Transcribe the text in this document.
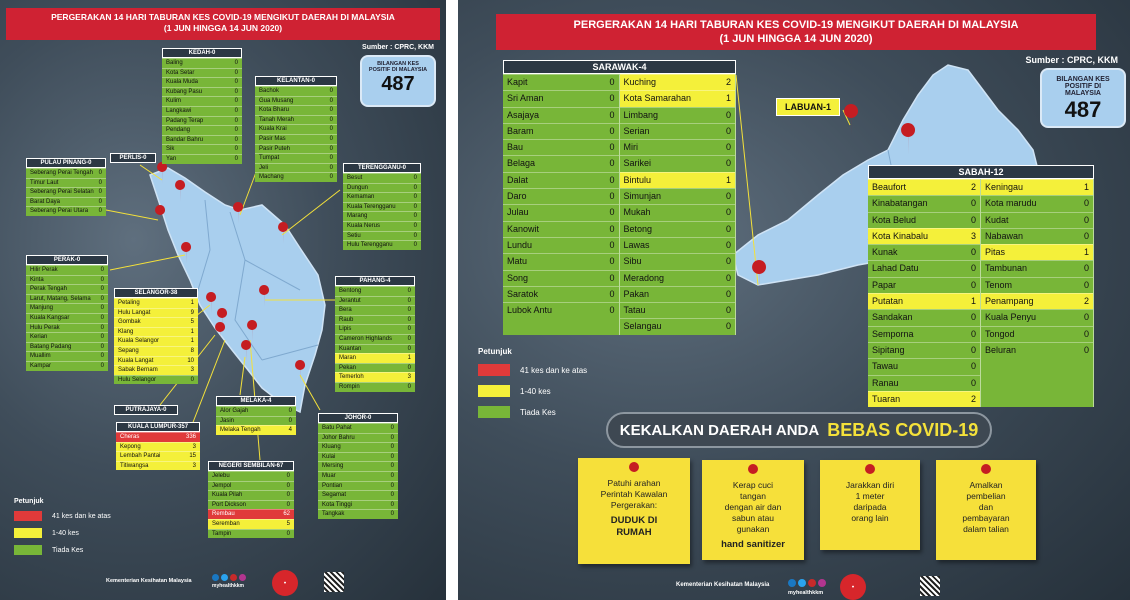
PERGERAKAN 14 HARI TABURAN KES COVID-19 MENGIKUT DAERAH DI MALAYSIA
(1 JUN HINGGA 14 JUN 2020)
Sumber : CPRC, KKM
BILANGAN KES POSITIF DI MALAYSIA
487
KEDAH-0
Baling	0
Kota Setar	0
Kuala Muda	0
Kubang Pasu	0
Kulim	0
Langkawi	0
Padang Terap	0
Pendang	0
Bandar Bahru	0
Sik	0
Yan	0
KELANTAN-0
Bachok	0
Gua Musang	0
Kota Bharu	0
Tanah Merah	0
Kuala Krai	0
Pasir Mas	0
Pasir Puteh	0
Tumpat	0
Jeli	0
Machang	0
PULAU PINANG-0
Seberang Perai Tengah 0
Timur Laut	0
Seberang Perai Selatan 0
Barat Daya	0
Seberang Perai Utara 0
PERLIS-0
TERENGGANU-0
Besut	0
Dungun	0
Kemaman	0
Kuala Terengganu	0
Marang	0
Kuala Nerus	0
Setiu	0
Hulu Terengganu	0
PERAK-0
Hilir Perak	0
Kinta	0
Perak Tengah	0
Larut, Matang, Selama 0
Manjung	0
Kuala Kangsar	0
Hulu Perak	0
Kerian	0
Batang Padang	0
Muallim	0
Kampar	0
SELANGOR-38
Petaling	1
Hulu Langat	9
Gombak	5
Klang	1
Kuala Selangor	1
Sepang	8
Kuala Langat	10
Sabak Bernam	3
Hulu Selangor	0
PAHANG-4
Bentong	0
Jerantut	0
Bera	0
Raub	0
Lipis	0
Cameron Highlands	0
Kuantan	0
Maran	1
Pekan	0
Temerloh	3
Rompin	0
PUTRAJAYA-0
KUALA LUMPUR-357
Cheras	336
Kepong	3
Lembah Pantai	15
Titiwangsa	3
MELAKA-4
Alor Gajah	0
Jasin	0
Melaka Tengah	4
NEGERI SEMBILAN-67
Jelebu	0
Jempol	0
Kuala Pilah	0
Port Dickson	0
Rembau	62
Seremban	5
Tampin	0
JOHOR-0
Batu Pahat	0
Johor Bahru	0
Kluang	0
Kulai	0
Mersing	0
Muar	0
Pontian	0
Segamat	0
Kota Tinggi	0
Tangkak	0
Petunjuk
41 kes dan ke atas
1-40 kes
Tiada Kes
Kementerian Kesihatan Malaysia
myhealthkkm
♥
PERGERAKAN 14 HARI TABURAN KES COVID-19 MENGIKUT DAERAH DI MALAYSIA
(1 JUN HINGGA 14 JUN 2020)
Sumber : CPRC, KKM
BILANGAN KES POSITIF DI MALAYSIA
487
SARAWAK-4
Kapit	0
Sri Aman	0
Asajaya	0
Baram	0
Bau	0
Belaga	0
Dalat	0
Daro	0
Julau	0
Kanowit	0
Lundu	0
Matu	0
Song	0
Saratok	0
Lubok Antu	0
Kuching	2
Kota Samarahan	1
Limbang	0
Serian	0
Miri	0
Sarikei	0
Bintulu	1
Simunjan	0
Mukah	0
Betong	0
Lawas	0
Sibu	0
Meradong	0
Pakan	0
Tatau	0
Selangau	0
LABUAN-1
SABAH-12
Beaufort	2
Kinabatangan	0
Kota Belud	0
Kota Kinabalu	3
Kunak	0
Lahad Datu	0
Papar	0
Putatan	1
Sandakan	0
Semporna	0
Sipitang	0
Tawau	0
Ranau	0
Tuaran	2
Keningau	1
Kota marudu	0
Kudat	0
Nabawan	0
Pitas	1
Tambunan	0
Tenom	0
Penampang	2
Kuala Penyu	0
Tongod	0
Beluran	0
Petunjuk
41 kes dan ke atas
1-40 kes
Tiada Kes
KEKALKAN DAERAH ANDA BEBAS COVID-19
Patuhi arahan
Perintah Kawalan
Pergerakan:
DUDUK DI
RUMAH
Kerap cuci
tangan
dengan air dan
sabun atau
gunakan
hand sanitizer
Jarakkan diri
1 meter
daripada
orang lain
Amalkan
pembelian
dan
pembayaran
dalam talian
Kementerian Kesihatan Malaysia
myhealthkkm
♥
